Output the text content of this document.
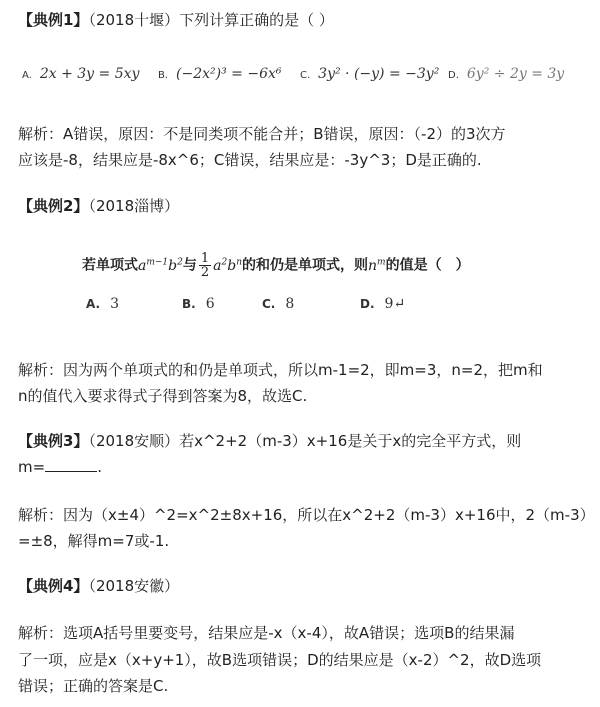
【典例1】（2018十堰）下列计算正确的是（ ）
A. 2x + 3y = 5xy B. (−2x²)³ = −6x⁶ C. 3y² · (−y) = −3y² D. 6y² ÷ 2y = 3y
解析：A错误，原因：不是同类项不能合并；B错误，原因：（-2）的3次方
应该是-8，结果应是-8x^6；C错误，结果应是：-3y^3；D是正确的.
【典例2】（2018淄博）
若单项式$a^{m-1}b^2$与 $\frac{1}{2} a^2b^n$的和仍是单项式，则$n^m$的值是（　）
A. 3	B. 6	C. 8	D. 9↵
解析：因为两个单项式的和仍是单项式，所以m-1=2，即m=3，n=2，把m和
n的值代入要求得式子得到答案为8，故选C.
【典例3】（2018安顺）若x^2+2（m-3）x+16是关于x的完全平方式，则
m=	.
解析：因为（x±4）^2=x^2±8x+16，所以在x^2+2（m-3）x+16中，2（m-3）
=±8，解得m=7或-1.
【典例4】（2018安徽）
解析：选项A括号里要变号，结果应是-x（x-4），故A错误；选项B的结果漏
了一项，应是x（x+y+1），故B选项错误；D的结果应是（x-2）^2，故D选项
错误；正确的答案是C.
